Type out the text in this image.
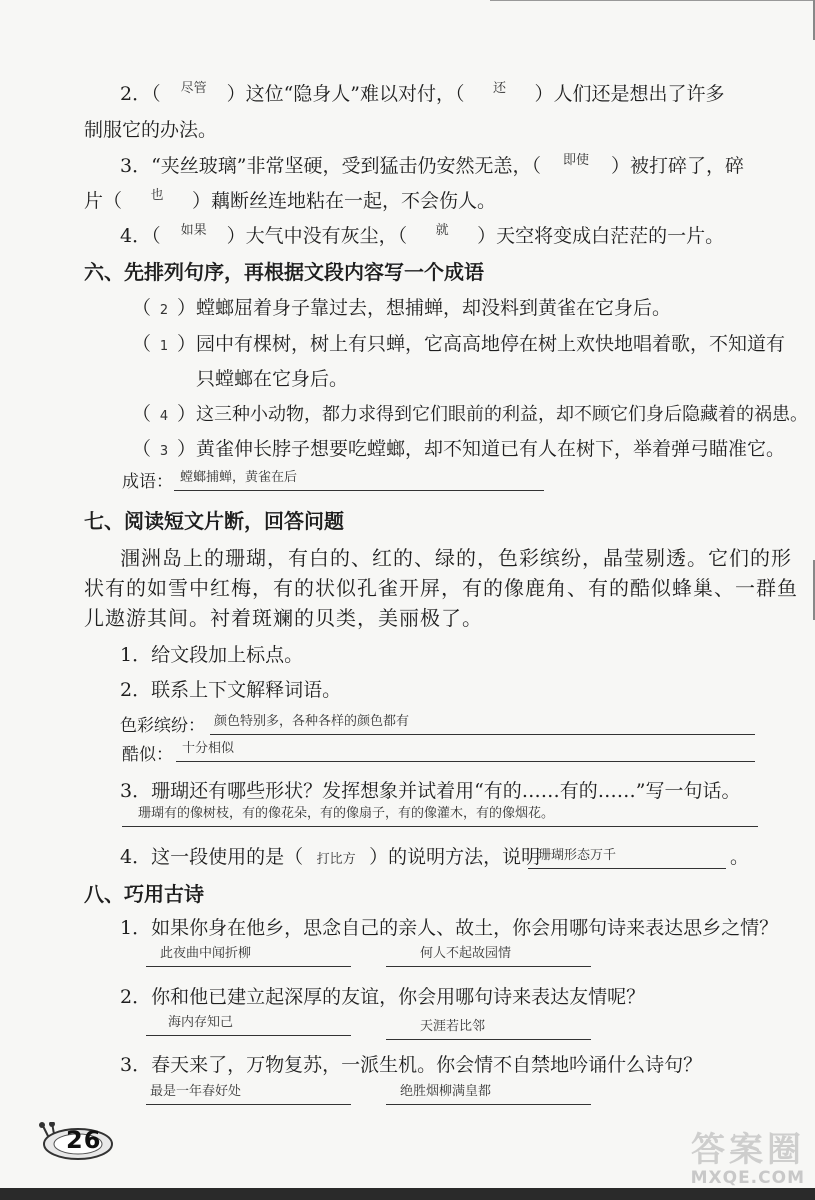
2．（ 尽管 ）这位“隐身人”难以对付，（ 还 ）人们还是想出了许多
制服它的办法。
3．“夹丝玻璃”非常坚硬，受到猛击仍安然无恙，（ 即使 ）被打碎了，碎
片（ 也 ）藕断丝连地粘在一起，不会伤人。
4．（ 如果 ）大气中没有灰尘，（ 就 ）天空将变成白茫茫的一片。
六、先排列句序，再根据文段内容写一个成语
（ 2 ）螳螂屈着身子靠过去，想捕蝉，却没料到黄雀在它身后。
（ 1 ）园中有棵树，树上有只蝉，它高高地停在树上欢快地唱着歌，不知道有
只螳螂在它身后。
（ 4 ）这三种小动物，都力求得到它们眼前的利益，却不顾它们身后隐藏着的祸患。
（ 3 ）黄雀伸长脖子想要吃螳螂，却不知道已有人在树下，举着弹弓瞄准它。
成语： 螳螂捕蝉，黄雀在后
七、阅读短文片断，回答问题
涠洲岛上的珊瑚，有白的、红的、绿的，色彩缤纷，晶莹剔透。它们的形
状有的如雪中红梅，有的状似孔雀开屏，有的像鹿角、有的酷似蜂巢、一群鱼
儿遨游其间。衬着斑斓的贝类，美丽极了。
1．给文段加上标点。
2．联系上下文解释词语。
色彩缤纷： 颜色特别多，各种各样的颜色都有
酷似： 十分相似
3．珊瑚还有哪些形状？发挥想象并试着用“有的……有的……”写一句话。
珊瑚有的像树枝，有的像花朵，有的像扇子，有的像灌木，有的像烟花。
4．这一段使用的是（ 打比方 ）的说明方法，说明
珊瑚形态万千	。
八、巧用古诗
1．如果你身在他乡，思念自己的亲人、故土，你会用哪句诗来表达思乡之情？
此夜曲中闻折柳	何人不起故园情
2．你和他已建立起深厚的友谊，你会用哪句诗来表达友情呢？
海内存知己	天涯若比邻
3．春天来了，万物复苏，一派生机。你会情不自禁地吟诵什么诗句？
最是一年春好处	绝胜烟柳满皇都
26	答案圈
MXQE.COM
